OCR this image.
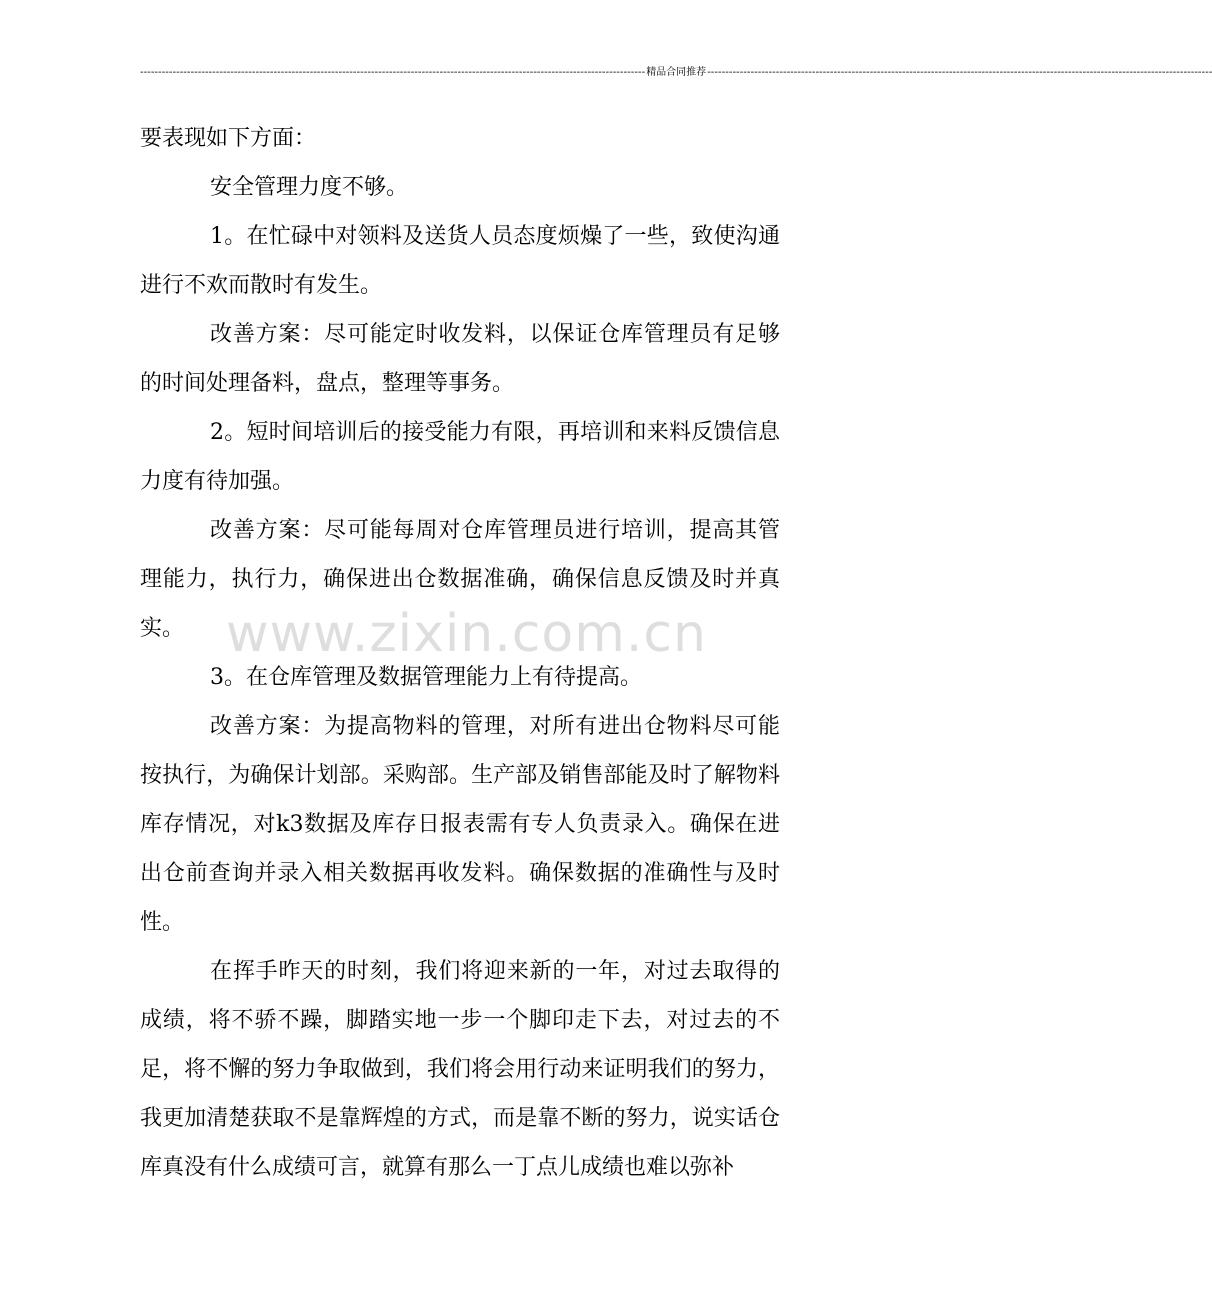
-------------------------------------------------------------------------------------------------------------------------------------------- 精品合同推荐 --------------------------------------------------------------------------------------------------------------------------------------------

要表现如下方面：

安全管理力度不够。

1。在忙碌中对领料及送货人员态度烦燥了一些，致使沟通进行不欢而散时有发生。

改善方案：尽可能定时收发料，以保证仓库管理员有足够的时间处理备料，盘点，整理等事务。

2。短时间培训后的接受能力有限，再培训和来料反馈信息力度有待加强。

改善方案：尽可能每周对仓库管理员进行培训，提高其管理能力，执行力，确保进出仓数据准确，确保信息反馈及时并真实。

3。在仓库管理及数据管理能力上有待提高。

改善方案：为提高物料的管理，对所有进出仓物料尽可能按执行，为确保计划部。采购部。生产部及销售部能及时了解物料库存情况，对k3数据及库存日报表需有专人负责录入。确保在进出仓前查询并录入相关数据再收发料。确保数据的准确性与及时性。

在挥手昨天的时刻，我们将迎来新的一年，对过去取得的成绩，将不骄不躁，脚踏实地一步一个脚印走下去，对过去的不足，将不懈的努力争取做到，我们将会用行动来证明我们的努力，我更加清楚获取不是靠辉煌的方式，而是靠不断的努力，说实话仓库真没有什么成绩可言，就算有那么一丁点儿成绩也难以弥补

www.zixin.com.cn
